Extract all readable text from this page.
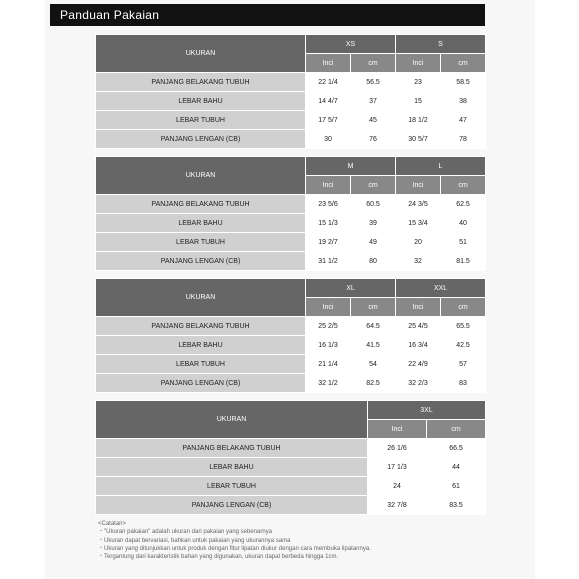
Panduan Pakaian
UKURAN	XS		S	
	Inci	cm	Inci	cm
PANJANG BELAKANG TUBUH	22 1/4	56.5	23	58.5
LEBAR BAHU	14 4/7	37	15	38
LEBAR TUBUH	17 5/7	45	18 1/2	47
PANJANG LENGAN (CB)	30	76	30 5/7	78
UKURAN	M		L	
	Inci	cm	Inci	cm
PANJANG BELAKANG TUBUH	23 5/6	60.5	24 3/5	62.5
LEBAR BAHU	15 1/3	39	15 3/4	40
LEBAR TUBUH	19 2/7	49	20	51
PANJANG LENGAN (CB)	31 1/2	80	32	81.5
UKURAN	XL		XXL	
	Inci	cm	Inci	cm
PANJANG BELAKANG TUBUH	25 2/5	64.5	25 4/5	65.5
LEBAR BAHU	16 1/3	41.5	16 3/4	42.5
LEBAR TUBUH	21 1/4	54	22 4/9	57
PANJANG LENGAN (CB)	32 1/2	82.5	32 2/3	83
UKURAN	3XL	
	Inci	cm
PANJANG BELAKANG TUBUH	26 1/6	66.5
LEBAR BAHU	17 1/3	44
LEBAR TUBUH	24	61
PANJANG LENGAN (CB)	32 7/8	83.5
<Catatan>
・"Ukuran pakaian" adalah ukuran dari pakaian yang sebenarnya
・Ukuran dapat bervariasi, bahkan untuk pakaian yang ukurannya sama
・Ukuran yang ditunjukkan untuk produk dengan fitur lipatan diukur dengan cara membuka lipatannya.
・Tergantung dari karakteristik bahan yang digunakan, ukuran dapat berbeda hingga 1cm.
